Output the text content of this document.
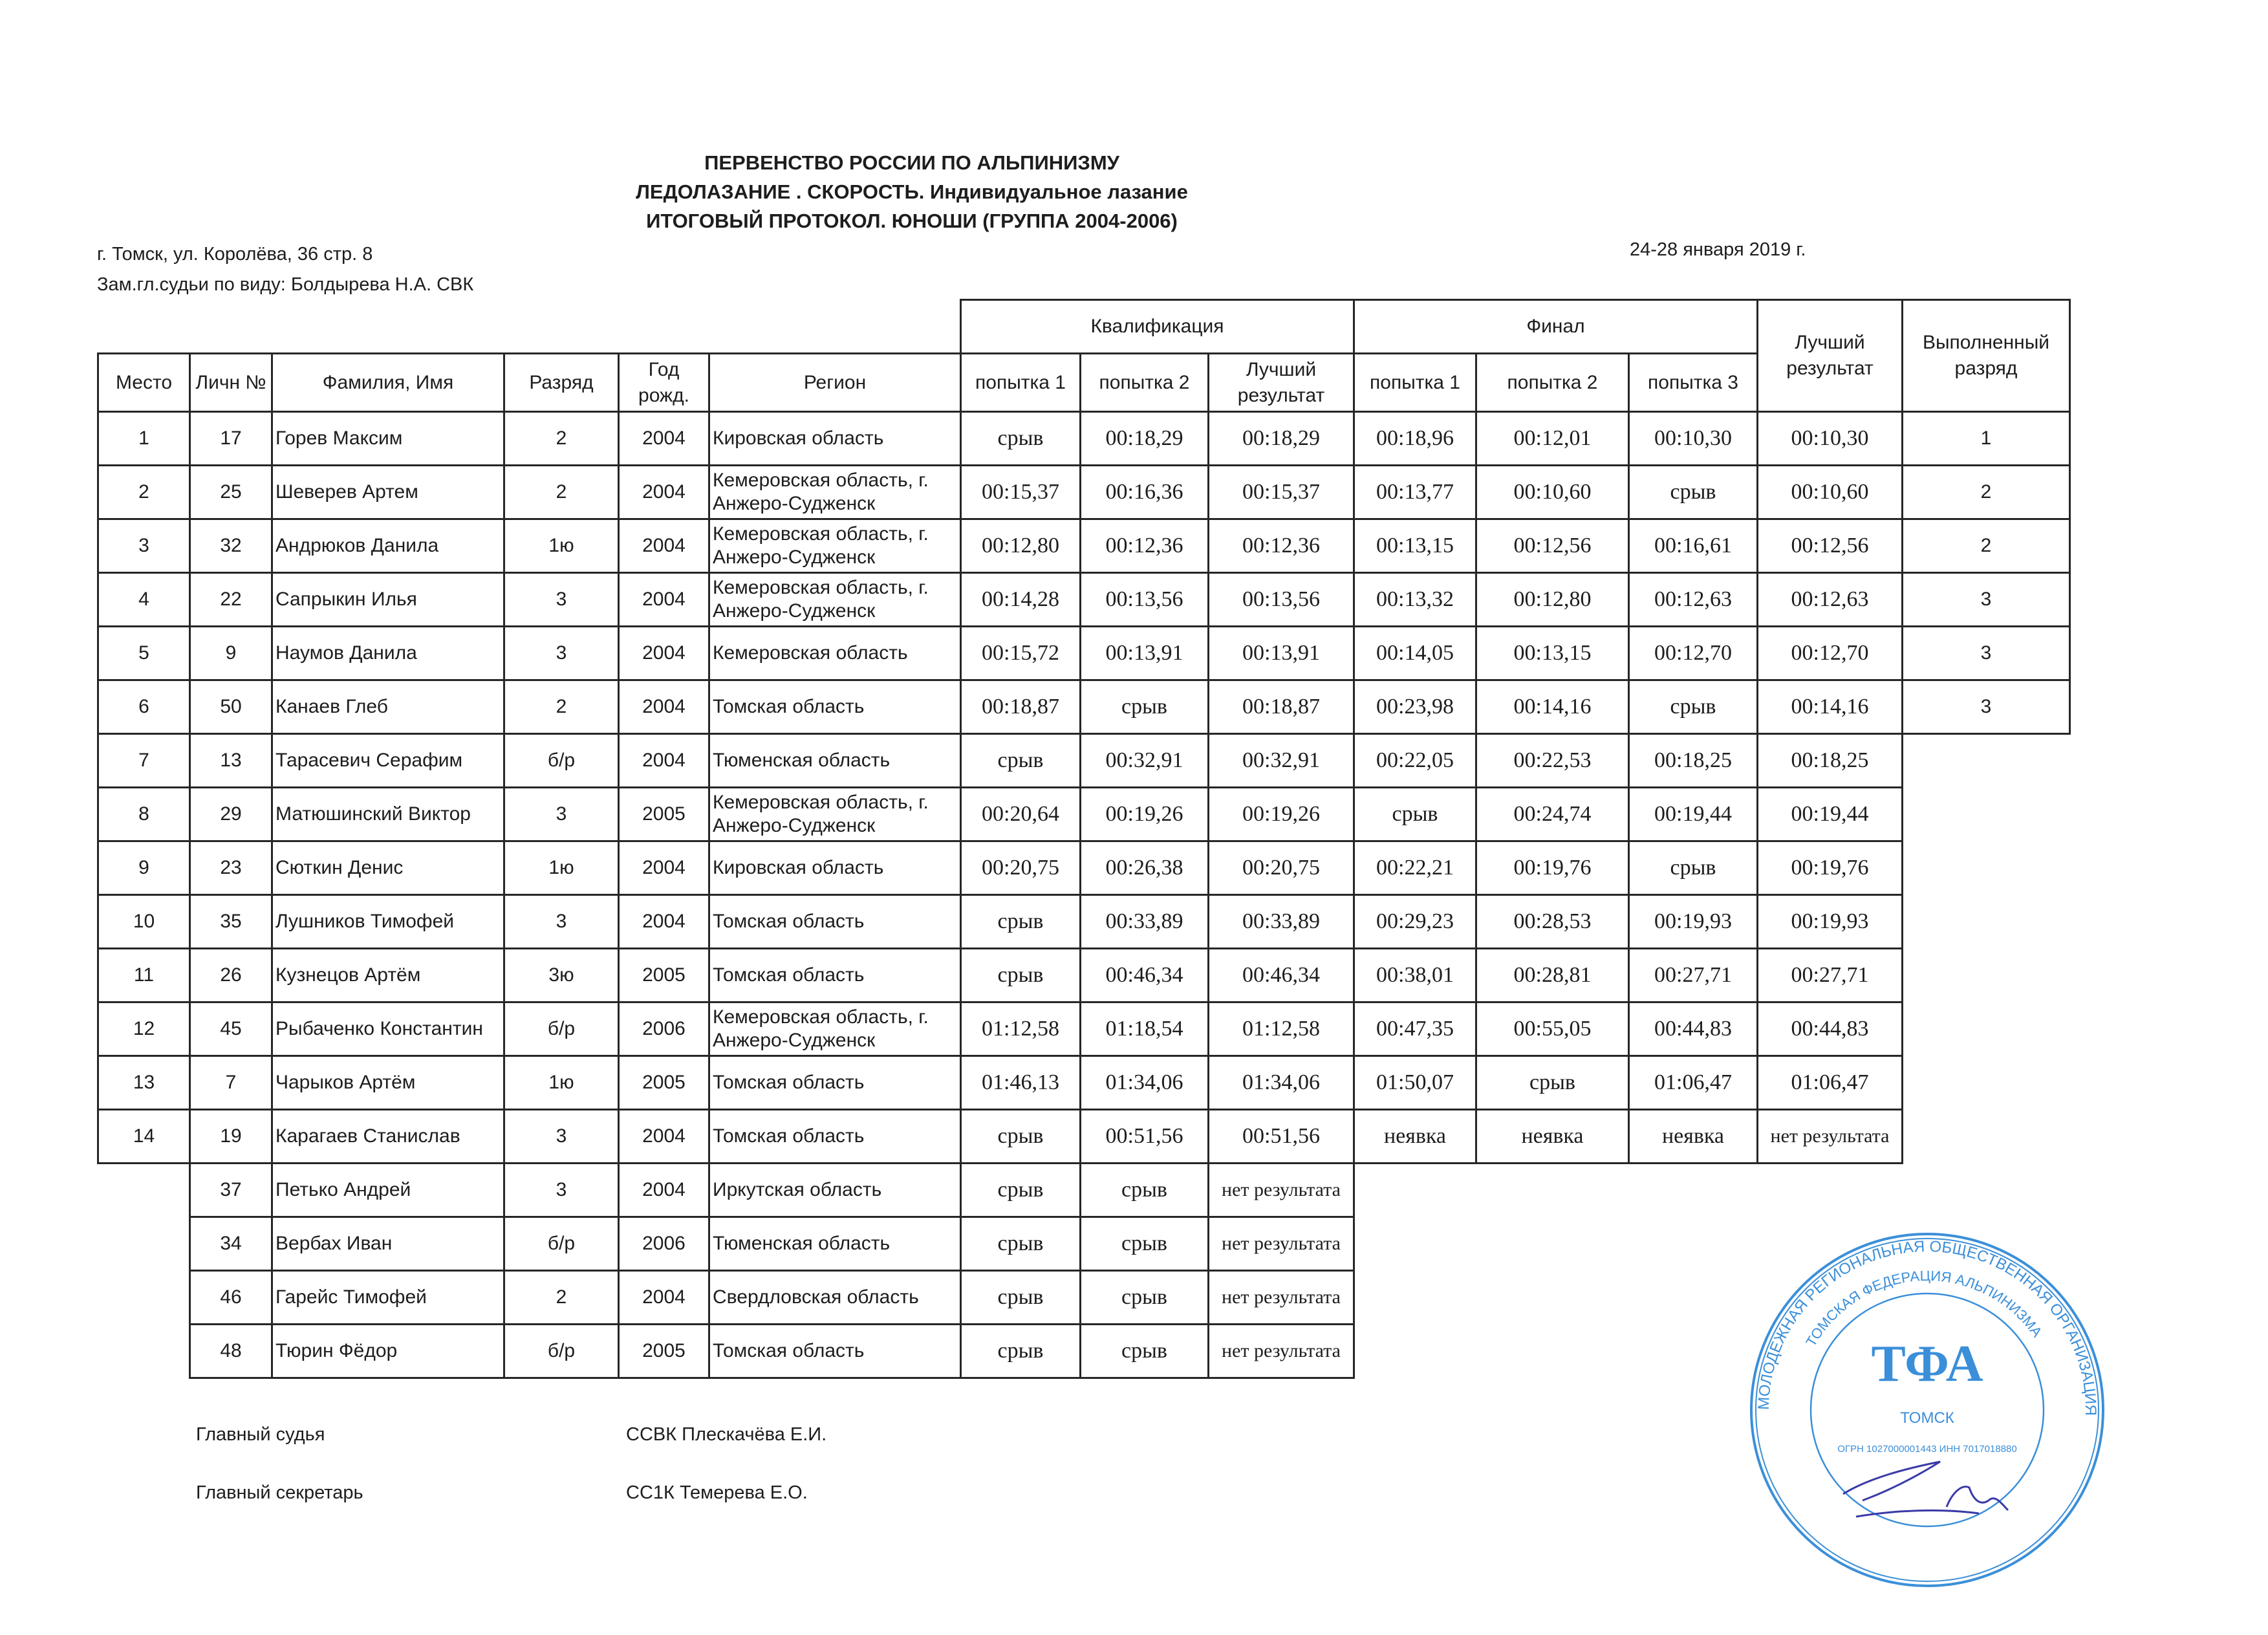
ПЕРВЕНСТВО РОССИИ ПО АЛЬПИНИЗМУ
ЛЕДОЛАЗАНИЕ . СКОРОСТЬ. Индивидуальное лазание
ИТОГОВЫЙ ПРОТОКОЛ. ЮНОШИ (ГРУППА 2004-2006)
г. Томск, ул. Королёва, 36 стр. 8	24-28 января 2019 г.
Зам.гл.судьи по виду: Болдырева Н.А. СВК
						Квалификация			Финал			Лучший результат	Выполненный разряд
Место	Личн №	Фамилия, Имя	Разряд	Год рожд.	Регион	попытка 1	попытка 2	Лучший результат	попытка 1	попытка 2	попытка 3		
1	17	Горев Максим	2	2004	Кировская область	срыв	00:18,29	00:18,29	00:18,96	00:12,01	00:10,30	00:10,30	1
2	25	Шеверев Артем	2	2004	Кемеровская область, г. Анжеро-Судженск	00:15,37	00:16,36	00:15,37	00:13,77	00:10,60	срыв	00:10,60	2
3	32	Андрюков Данила	1ю	2004	Кемеровская область, г. Анжеро-Судженск	00:12,80	00:12,36	00:12,36	00:13,15	00:12,56	00:16,61	00:12,56	2
4	22	Сапрыкин Илья	3	2004	Кемеровская область, г. Анжеро-Судженск	00:14,28	00:13,56	00:13,56	00:13,32	00:12,80	00:12,63	00:12,63	3
5	9	Наумов Данила	3	2004	Кемеровская область	00:15,72	00:13,91	00:13,91	00:14,05	00:13,15	00:12,70	00:12,70	3
6	50	Канаев Глеб	2	2004	Томская область	00:18,87	срыв	00:18,87	00:23,98	00:14,16	срыв	00:14,16	3
7	13	Тарасевич Серафим	б/р	2004	Тюменская область	срыв	00:32,91	00:32,91	00:22,05	00:22,53	00:18,25	00:18,25	
8	29	Матюшинский Виктор	3	2005	Кемеровская область, г. Анжеро-Судженск	00:20,64	00:19,26	00:19,26	срыв	00:24,74	00:19,44	00:19,44	
9	23	Сюткин Денис	1ю	2004	Кировская область	00:20,75	00:26,38	00:20,75	00:22,21	00:19,76	срыв	00:19,76	
10	35	Лушников Тимофей	3	2004	Томская область	срыв	00:33,89	00:33,89	00:29,23	00:28,53	00:19,93	00:19,93	
11	26	Кузнецов Артём	3ю	2005	Томская область	срыв	00:46,34	00:46,34	00:38,01	00:28,81	00:27,71	00:27,71	
12	45	Рыбаченко Константин	б/р	2006	Кемеровская область, г. Анжеро-Судженск	01:12,58	01:18,54	01:12,58	00:47,35	00:55,05	00:44,83	00:44,83	
13	7	Чарыков Артём	1ю	2005	Томская область	01:46,13	01:34,06	01:34,06	01:50,07	срыв	01:06,47	01:06,47	
14	19	Карагаев Станислав	3	2004	Томская область	срыв	00:51,56	00:51,56	неявка	неявка	неявка	нет результата	
	37	Петько Андрей	3	2004	Иркутская область	срыв	срыв	нет результата					
	34	Вербах Иван	б/р	2006	Тюменская область	срыв	срыв	нет результата					
	46	Гарейс Тимофей	2	2004	Свердловская область	срыв	срыв	нет результата					
	48	Тюрин Фёдор	б/р	2005	Томская область	срыв	срыв	нет результата					
Главный судья	ССВК Плескачёва Е.И.
Главный секретарь	СС1К Темерева Е.О.
МОЛОДЕЖНАЯ РЕГИОНАЛЬНАЯ ОБЩЕСТВЕННАЯ ОРГАНИЗАЦИЯ
ТОМСКАЯ ФЕДЕРАЦИЯ АЛЬПИНИЗМА
ТФА
ТОМСК
ОГРН 1027000001443 ИНН 7017018880
